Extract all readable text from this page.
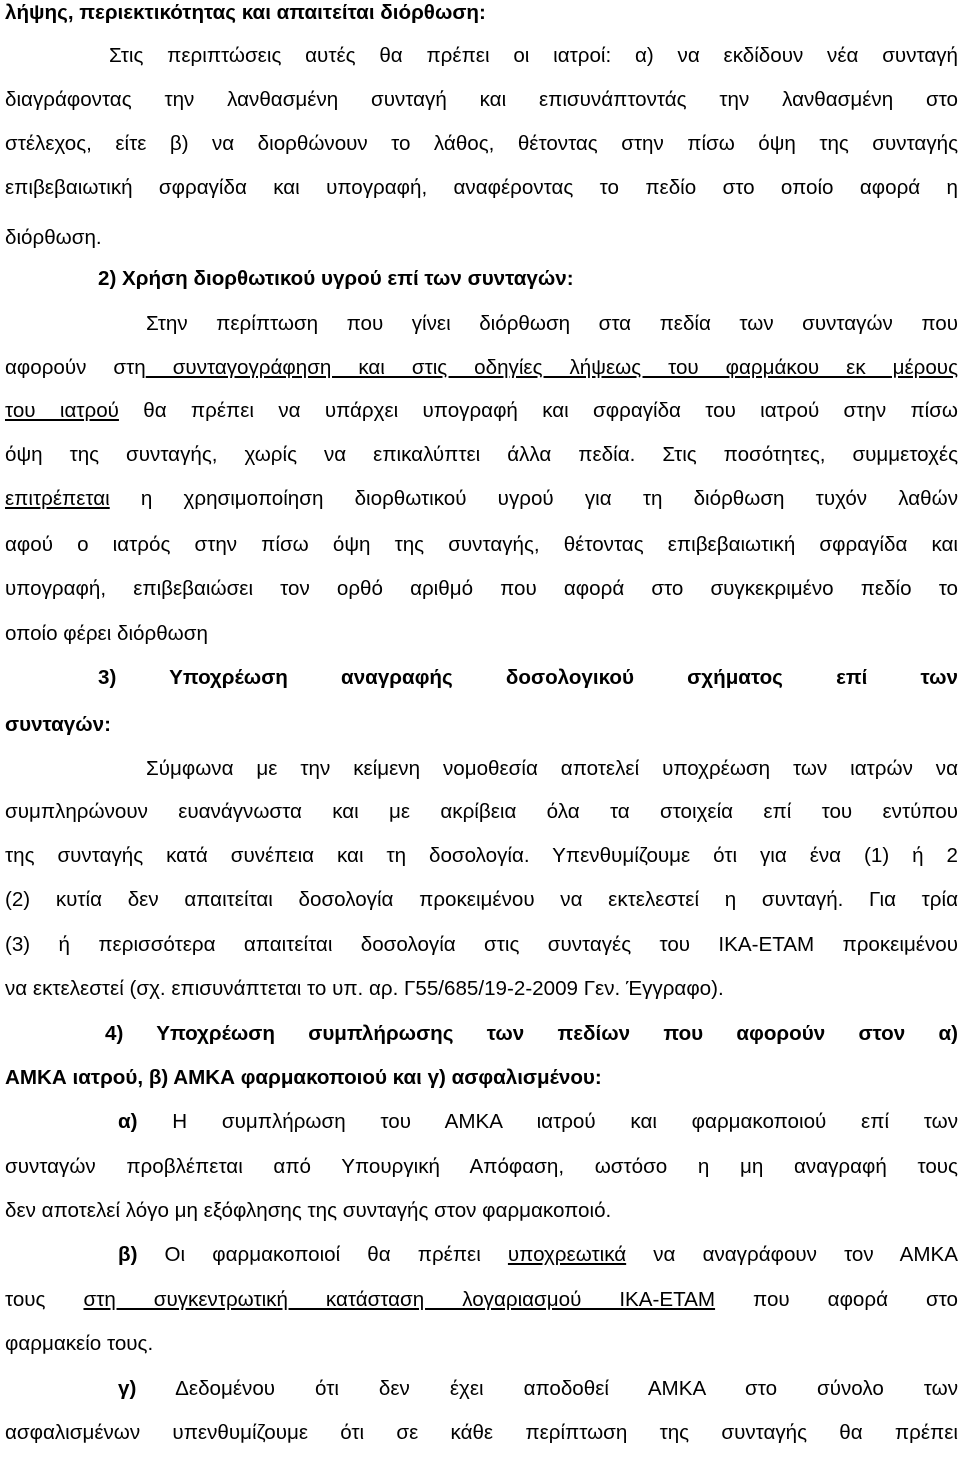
λήψης, περιεκτικότητας και απαιτείται διόρθωση:
Στις περιπτώσεις αυτές θα πρέπει οι ιατροί: α) να εκδίδουν νέα συνταγή
διαγράφοντας την λανθασμένη συνταγή και επισυνάπτοντάς την λανθασμένη στο
στέλεχος, είτε β) να διορθώνουν το λάθος, θέτοντας στην πίσω όψη της συνταγής
επιβεβαιωτική σφραγίδα και υπογραφή, αναφέροντας το πεδίο στο οποίο αφορά η
διόρθωση.
2) Χρήση διορθωτικού υγρού επί των συνταγών:
Στην περίπτωση που γίνει διόρθωση στα πεδία των συνταγών που
αφορούν στη συνταγογράφηση και στις οδηγίες λήψεως του φαρμάκου εκ μέρους
του ιατρού θα πρέπει να υπάρχει υπογραφή και σφραγίδα του ιατρού στην πίσω
όψη της συνταγής, χωρίς να επικαλύπτει άλλα πεδία. Στις ποσότητες, συμμετοχές
επιτρέπεται η χρησιμοποίηση διορθωτικού υγρού για τη διόρθωση τυχόν λαθών
αφού ο ιατρός στην πίσω όψη της συνταγής, θέτοντας επιβεβαιωτική σφραγίδα και
υπογραφή, επιβεβαιώσει τον ορθό αριθμό που αφορά στο συγκεκριμένο πεδίο το
οποίο φέρει διόρθωση
3) Υποχρέωση αναγραφής δοσολογικού σχήματος επί των
συνταγών:
Σύμφωνα με την κείμενη νομοθεσία αποτελεί υποχρέωση των ιατρών να
συμπληρώνουν ευανάγνωστα και με ακρίβεια όλα τα στοιχεία επί του εντύπου
της συνταγής κατά συνέπεια και τη δοσολογία. Υπενθυμίζουμε ότι για ένα (1) ή 2
(2) κυτία δεν απαιτείται δοσολογία προκειμένου να εκτελεστεί η συνταγή. Για τρία
(3) ή περισσότερα απαιτείται δοσολογία στις συνταγές του ΙΚΑ-ΕΤΑΜ προκειμένου
να εκτελεστεί (σχ. επισυνάπτεται το υπ. αρ. Γ55/685/19-2-2009 Γεν. Έγγραφο).
4) Υποχρέωση συμπλήρωσης των πεδίων που αφορούν στον α)
ΑΜΚΑ ιατρού, β) ΑΜΚΑ φαρμακοποιού και γ) ασφαλισμένου:
α) Η συμπλήρωση του ΑΜΚΑ ιατρού και φαρμακοποιού επί των
συνταγών προβλέπεται από Υπουργική Απόφαση, ωστόσο η μη αναγραφή τους
δεν αποτελεί λόγο μη εξόφλησης της συνταγής στον φαρμακοποιό.
β) Οι φαρμακοποιοί θα πρέπει υποχρεωτικά να αναγράφουν τον ΑΜΚΑ
τους στη συγκεντρωτική κατάσταση λογαριασμού ΙΚΑ-ΕΤΑΜ που αφορά στο
φαρμακείο τους.
γ) Δεδομένου ότι δεν έχει αποδοθεί ΑΜΚΑ στο σύνολο των
ασφαλισμένων υπενθυμίζουμε ότι σε κάθε περίπτωση της συνταγής θα πρέπει
